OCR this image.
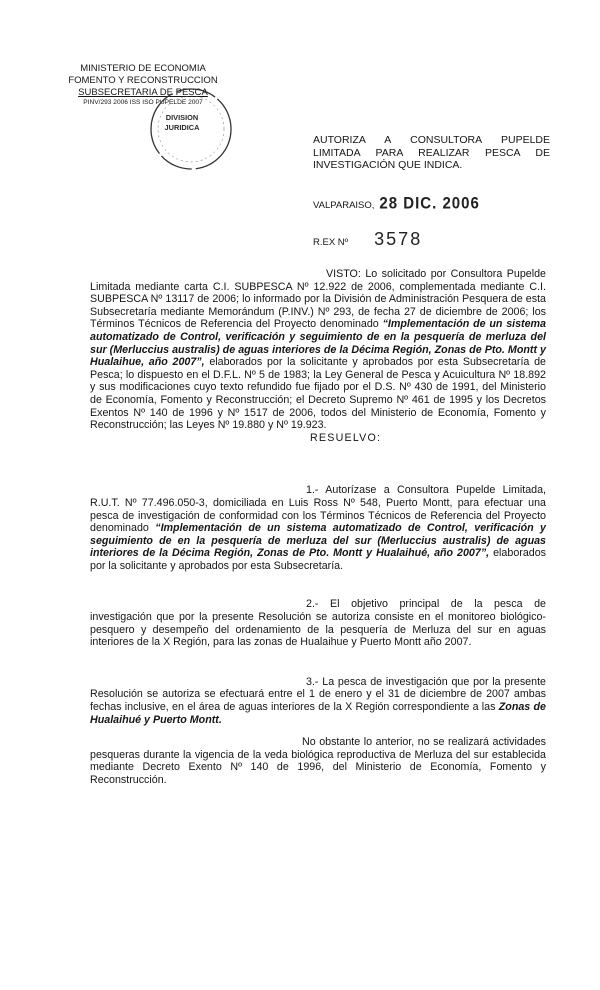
MINISTERIO DE ECONOMIA
FOMENTO Y RECONSTRUCCION
SUBSECRETARIA DE PESCA
PINV/293 2006 ISS ISO PUPELDE 2007
DIVISION
JURIDICA
AUTORIZA A CONSULTORA PUPELDE LIMITADA PARA REALIZAR PESCA DE INVESTIGACIÓN QUE INDICA.
VALPARAISO, 28 DIC. 2006
R.EX Nº 3578

VISTO: Lo solicitado por Consultora Pupelde Limitada mediante carta C.I. SUBPESCA Nº 12.922 de 2006, complementada mediante C.I. SUBPESCA Nº 13117 de 2006; lo informado por la División de Administración Pesquera de esta Subsecretaría mediante Memorándum (P.INV.) Nº 293, de fecha 27 de diciembre de 2006; los Términos Técnicos de Referencia del Proyecto denominado “Implementación de un sistema automatizado de Control, verificación y seguimiento de en la pesquería de merluza del sur (Merluccius australis) de aguas interiores de la Décima Región, Zonas de Pto. Montt y Hualaihue, año 2007”, elaborados por la solicitante y aprobados por esta Subsecretaría de Pesca; lo dispuesto en el D.F.L. Nº 5 de 1983; la Ley General de Pesca y Acuicultura Nº 18.892 y sus modificaciones cuyo texto refundido fue fijado por el D.S. Nº 430 de 1991, del Ministerio de Economía, Fomento y Reconstrucción; el Decreto Supremo Nº 461 de 1995 y los Decretos Exentos Nº 140 de 1996 y Nº 1517 de 2006, todos del Ministerio de Economía, Fomento y Reconstrucción; las Leyes Nº 19.880 y Nº 19.923.

RESUELVO:

1.- Autorízase a Consultora Pupelde Limitada, R.U.T. Nº 77.496.050-3, domiciliada en Luis Ross Nº 548, Puerto Montt, para efectuar una pesca de investigación de conformidad con los Términos Técnicos de Referencia del Proyecto denominado “Implementación de un sistema automatizado de Control, verificación y seguimiento de en la pesquería de merluza del sur (Merluccius australis) de aguas interiores de la Décima Región, Zonas de Pto. Montt y Hualaihué, año 2007”, elaborados por la solicitante y aprobados por esta Subsecretaría.

2.- El objetivo principal de la pesca de investigación que por la presente Resolución se autoriza consiste en el monitoreo biológico-pesquero y desempeño del ordenamiento de la pesquería de Merluza del sur en aguas interiores de la X Región, para las zonas de Hualaihue y Puerto Montt año 2007.

3.- La pesca de investigación que por la presente Resolución se autoriza se efectuará entre el 1 de enero y el 31 de diciembre de 2007 ambas fechas inclusive, en el área de aguas interiores de la X Región correspondiente a las Zonas de Hualaihué y Puerto Montt.

No obstante lo anterior, no se realizará actividades pesqueras durante la vigencia de la veda biológica reproductiva de Merluza del sur establecida mediante Decreto Exento Nº 140 de 1996, del Ministerio de Economía, Fomento y Reconstrucción.
